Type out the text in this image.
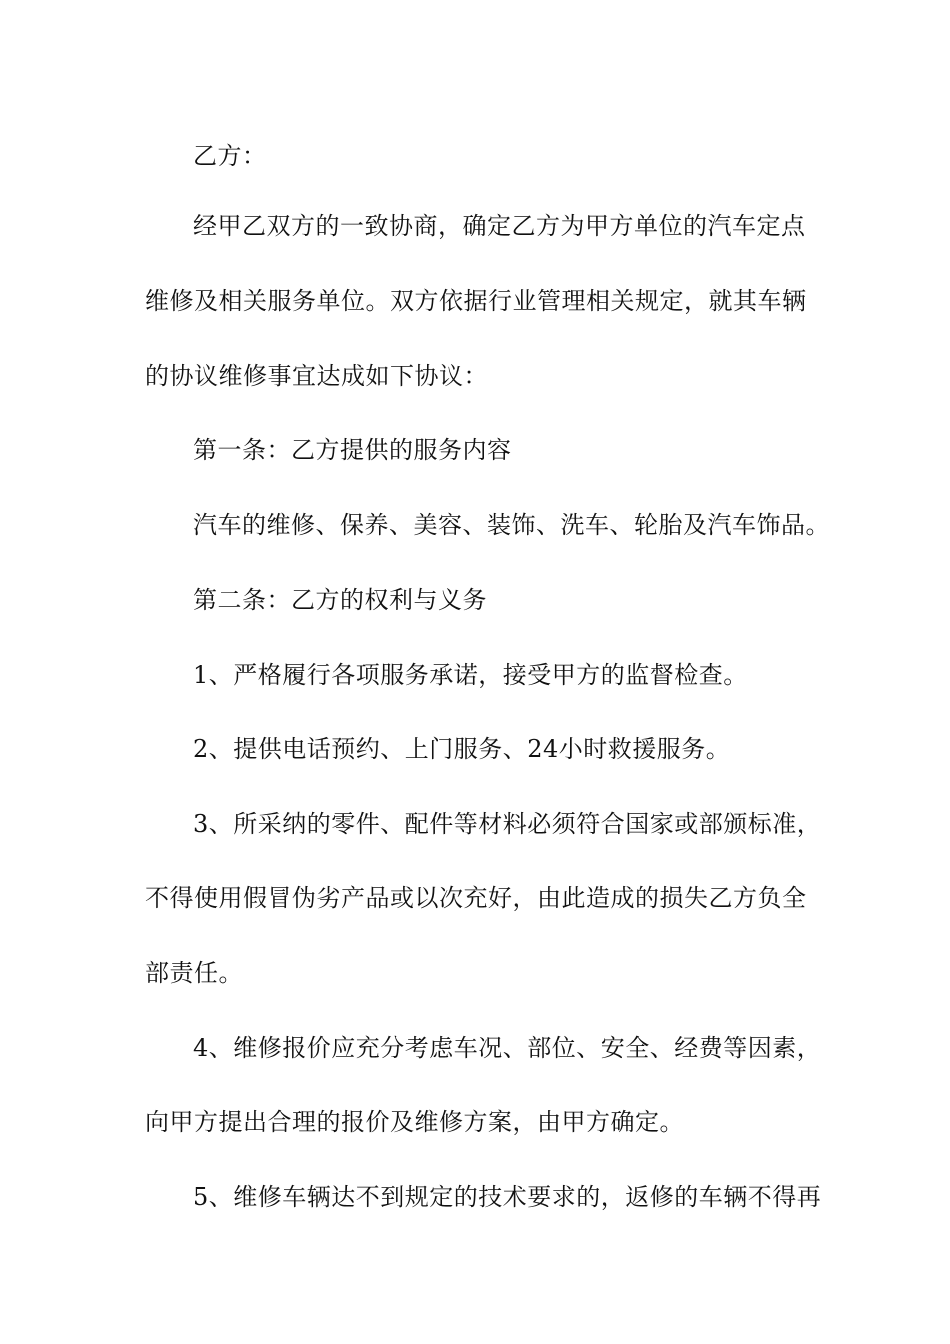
乙方：
经甲乙双方的一致协商，确定乙方为甲方单位的汽车定点
维修及相关服务单位。双方依据行业管理相关规定，就其车辆
的协议维修事宜达成如下协议：
第一条：乙方提供的服务内容
汽车的维修、保养、美容、装饰、洗车、轮胎及汽车饰品。
第二条：乙方的权利与义务
1、严格履行各项服务承诺，接受甲方的监督检查。
2、提供电话预约、上门服务、24小时救援服务。
3、所采纳的零件、配件等材料必须符合国家或部颁标准，
不得使用假冒伪劣产品或以次充好，由此造成的损失乙方负全
部责任。
4、维修报价应充分考虑车况、部位、安全、经费等因素，
向甲方提出合理的报价及维修方案，由甲方确定。
5、维修车辆达不到规定的技术要求的，返修的车辆不得再
